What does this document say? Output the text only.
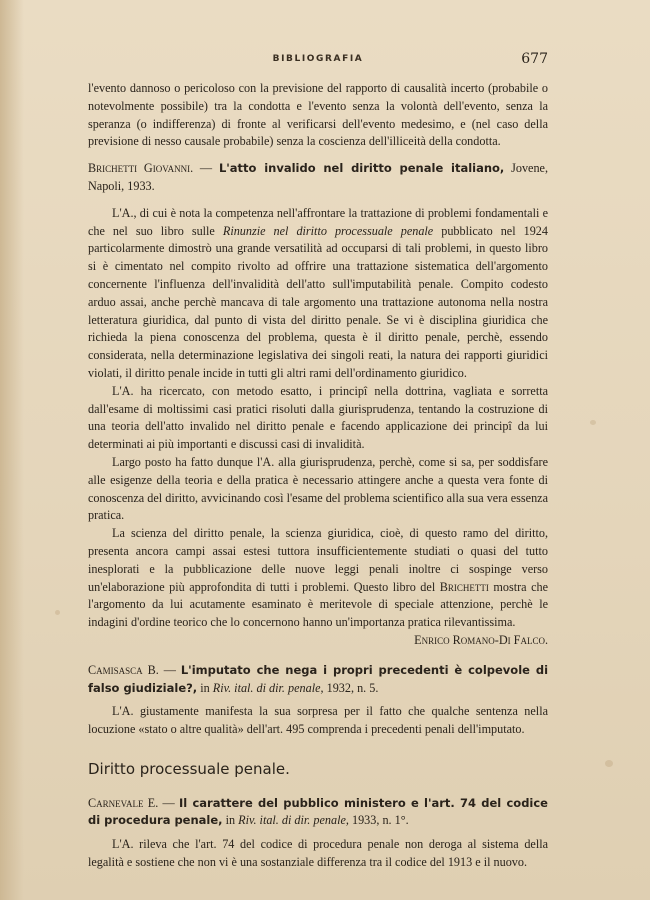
BIBLIOGRAFIA	677

l'evento dannoso o pericoloso con la previsione del rapporto di causalità incerto (probabile o notevolmente possibile) tra la condotta e l'evento senza la volontà dell'evento, senza la speranza (o indifferenza) di fronte al verificarsi dell'evento medesimo, e (nel caso della previsione di nesso causale probabile) senza la coscienza dell'illiceità della condotta.

Brichetti Giovanni. — L'atto invalido nel diritto penale italiano, Jovene, Napoli, 1933.

L'A., di cui è nota la competenza nell'affrontare la trattazione di problemi fondamentali e che nel suo libro sulle Rinunzie nel diritto processuale penale pubblicato nel 1924 particolarmente dimostrò una grande versatilità ad occuparsi di tali problemi, in questo libro si è cimentato nel compito rivolto ad offrire una trattazione sistematica dell'argomento concernente l'influenza dell'invalidità dell'atto sull'imputabilità penale. Compito codesto arduo assai, anche perchè mancava di tale argomento una trattazione autonoma nella nostra letteratura giuridica, dal punto di vista del diritto penale. Se vi è disciplina giuridica che richieda la piena conoscenza del problema, questa è il diritto penale, perchè, essendo considerata, nella determinazione legislativa dei singoli reati, la natura dei rapporti giuridici violati, il diritto penale incide in tutti gli altri rami dell'ordinamento giuridico.

L'A. ha ricercato, con metodo esatto, i principî nella dottrina, vagliata e sorretta dall'esame di moltissimi casi pratici risoluti dalla giurisprudenza, tentando la costruzione di una teoria dell'atto invalido nel diritto penale e facendo applicazione dei principî da lui determinati ai più importanti e discussi casi di invalidità.

Largo posto ha fatto dunque l'A. alla giurisprudenza, perchè, come si sa, per soddisfare alle esigenze della teoria e della pratica è necessario attingere anche a questa vera fonte di conoscenza del diritto, avvicinando così l'esame del problema scientifico alla sua vera essenza pratica.

La scienza del diritto penale, la scienza giuridica, cioè, di questo ramo del diritto, presenta ancora campi assai estesi tuttora insufficientemente studiati o quasi del tutto inesplorati e la pubblicazione delle nuove leggi penali inoltre ci sospinge verso un'elaborazione più approfondita di tutti i problemi. Questo libro del Brichetti mostra che l'argomento da lui acutamente esaminato è meritevole di speciale attenzione, perchè le indagini d'ordine teorico che lo concernono hanno un'importanza pratica rilevantissima.

Enrico Romano-Di Falco.

Camisasca B. — L'imputato che nega i propri precedenti è colpevole di falso giudiziale?, in Riv. ital. di dir. penale, 1932, n. 5.

L'A. giustamente manifesta la sua sorpresa per il fatto che qualche sentenza nella locuzione «stato o altre qualità» dell'art. 495 comprenda i precedenti penali dell'imputato.

Diritto processuale penale.

Carnevale E. — Il carattere del pubblico ministero e l'art. 74 del codice di procedura penale, in Riv. ital. di dir. penale, 1933, n. 1°.

L'A. rileva che l'art. 74 del codice di procedura penale non deroga al sistema della legalità e sostiene che non vi è una sostanziale differenza tra il codice del 1913 e il nuovo.
